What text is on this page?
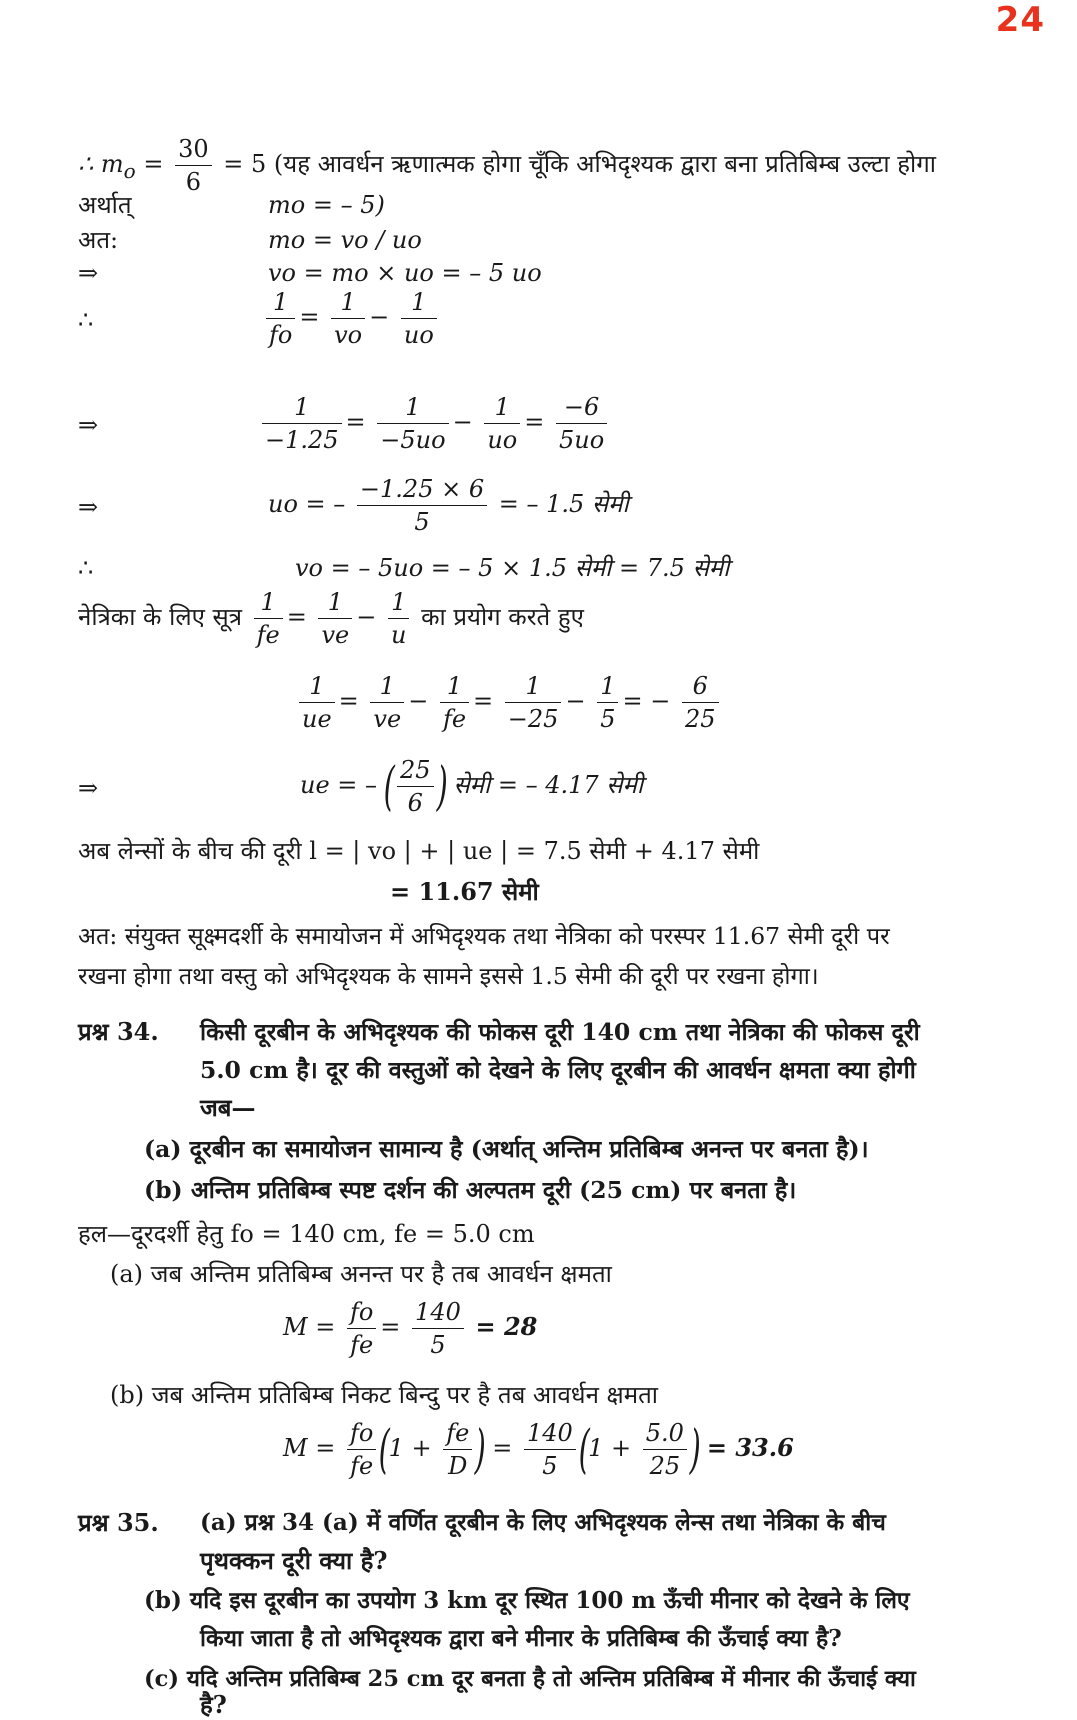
24
∴ $m_o = \frac{30}{6} = 5$ (यह आवर्धन ऋणात्मक होगा चूँकि अभिदृश्यक द्वारा बना प्रतिबिम्ब उल्टा होगा
अर्थात्	mo = – 5)
अत:	mo = vo / uo
⇒	vo = mo × uo = – 5 uo
∴	$\frac{1}{fo} = \frac{1}{vo} - \frac{1}{uo}$
⇒	$\frac{1}{-1.25} = \frac{1}{-5uo} - \frac{1}{uo} = \frac{-6}{5uo}$
⇒	uo = – $\frac{-1.25 \times 6}{5}$ = – 1.5 सेमी
∴	vo = – 5uo = – 5 × 1.5 सेमी = 7.5 सेमी
नेत्रिका के लिए सूत्र $\frac{1}{fe} = \frac{1}{ve} - \frac{1}{u}$ का प्रयोग करते हुए
$\frac{1}{ue} = \frac{1}{ve} - \frac{1}{fe} = \frac{1}{-25} - \frac{1}{5}$ = − $\frac{6}{25}$
⇒	ue = – ( $\frac{25}{6}$ ) सेमी = – 4.17 सेमी
अब लेन्सों के बीच की दूरी l = | vo | + | ue | = 7.5 सेमी + 4.17 सेमी
= 11.67 सेमी
अत: संयुक्त सूक्ष्मदर्शी के समायोजन में अभिदृश्यक तथा नेत्रिका को परस्पर 11.67 सेमी दूरी पर
रखना होगा तथा वस्तु को अभिदृश्यक के सामने इससे 1.5 सेमी की दूरी पर रखना होगा।
प्रश्न 34. किसी दूरबीन के अभिदृश्यक की फोकस दूरी 140 cm तथा नेत्रिका की फोकस दूरी
5.0 cm है। दूर की वस्तुओं को देखने के लिए दूरबीन की आवर्धन क्षमता क्या होगी
जब—
(a) दूरबीन का समायोजन सामान्य है (अर्थात् अन्तिम प्रतिबिम्ब अनन्त पर बनता है)।
(b) अन्तिम प्रतिबिम्ब स्पष्ट दर्शन की अल्पतम दूरी (25 cm) पर बनता है।
हल—दूरदर्शी हेतु fo = 140 cm, fe = 5.0 cm
(a) जब अन्तिम प्रतिबिम्ब अनन्त पर है तब आवर्धन क्षमता
$M = \frac{fo}{fe} = \frac{140}{5} = 28$
(b) जब अन्तिम प्रतिबिम्ब निकट बिन्दु पर है तब आवर्धन क्षमता
$M = \frac{fo}{fe} (1 + \frac{fe}{D}$ ) = $\frac{140}{5} (1 + \frac{5.0}{25}$ ) = 33.6
प्रश्न 35. (a) प्रश्न 34 (a) में वर्णित दूरबीन के लिए अभिदृश्यक लेन्स तथा नेत्रिका के बीच
पृथक्कन दूरी क्या है?
(b) यदि इस दूरबीन का उपयोग 3 km दूर स्थित 100 m ऊँची मीनार को देखने के लिए
किया जाता है तो अभिदृश्यक द्वारा बने मीनार के प्रतिबिम्ब की ऊँचाई क्या है?
(c) यदि अन्तिम प्रतिबिम्ब 25 cm दूर बनता है तो अन्तिम प्रतिबिम्ब में मीनार की ऊँचाई क्या
है?
